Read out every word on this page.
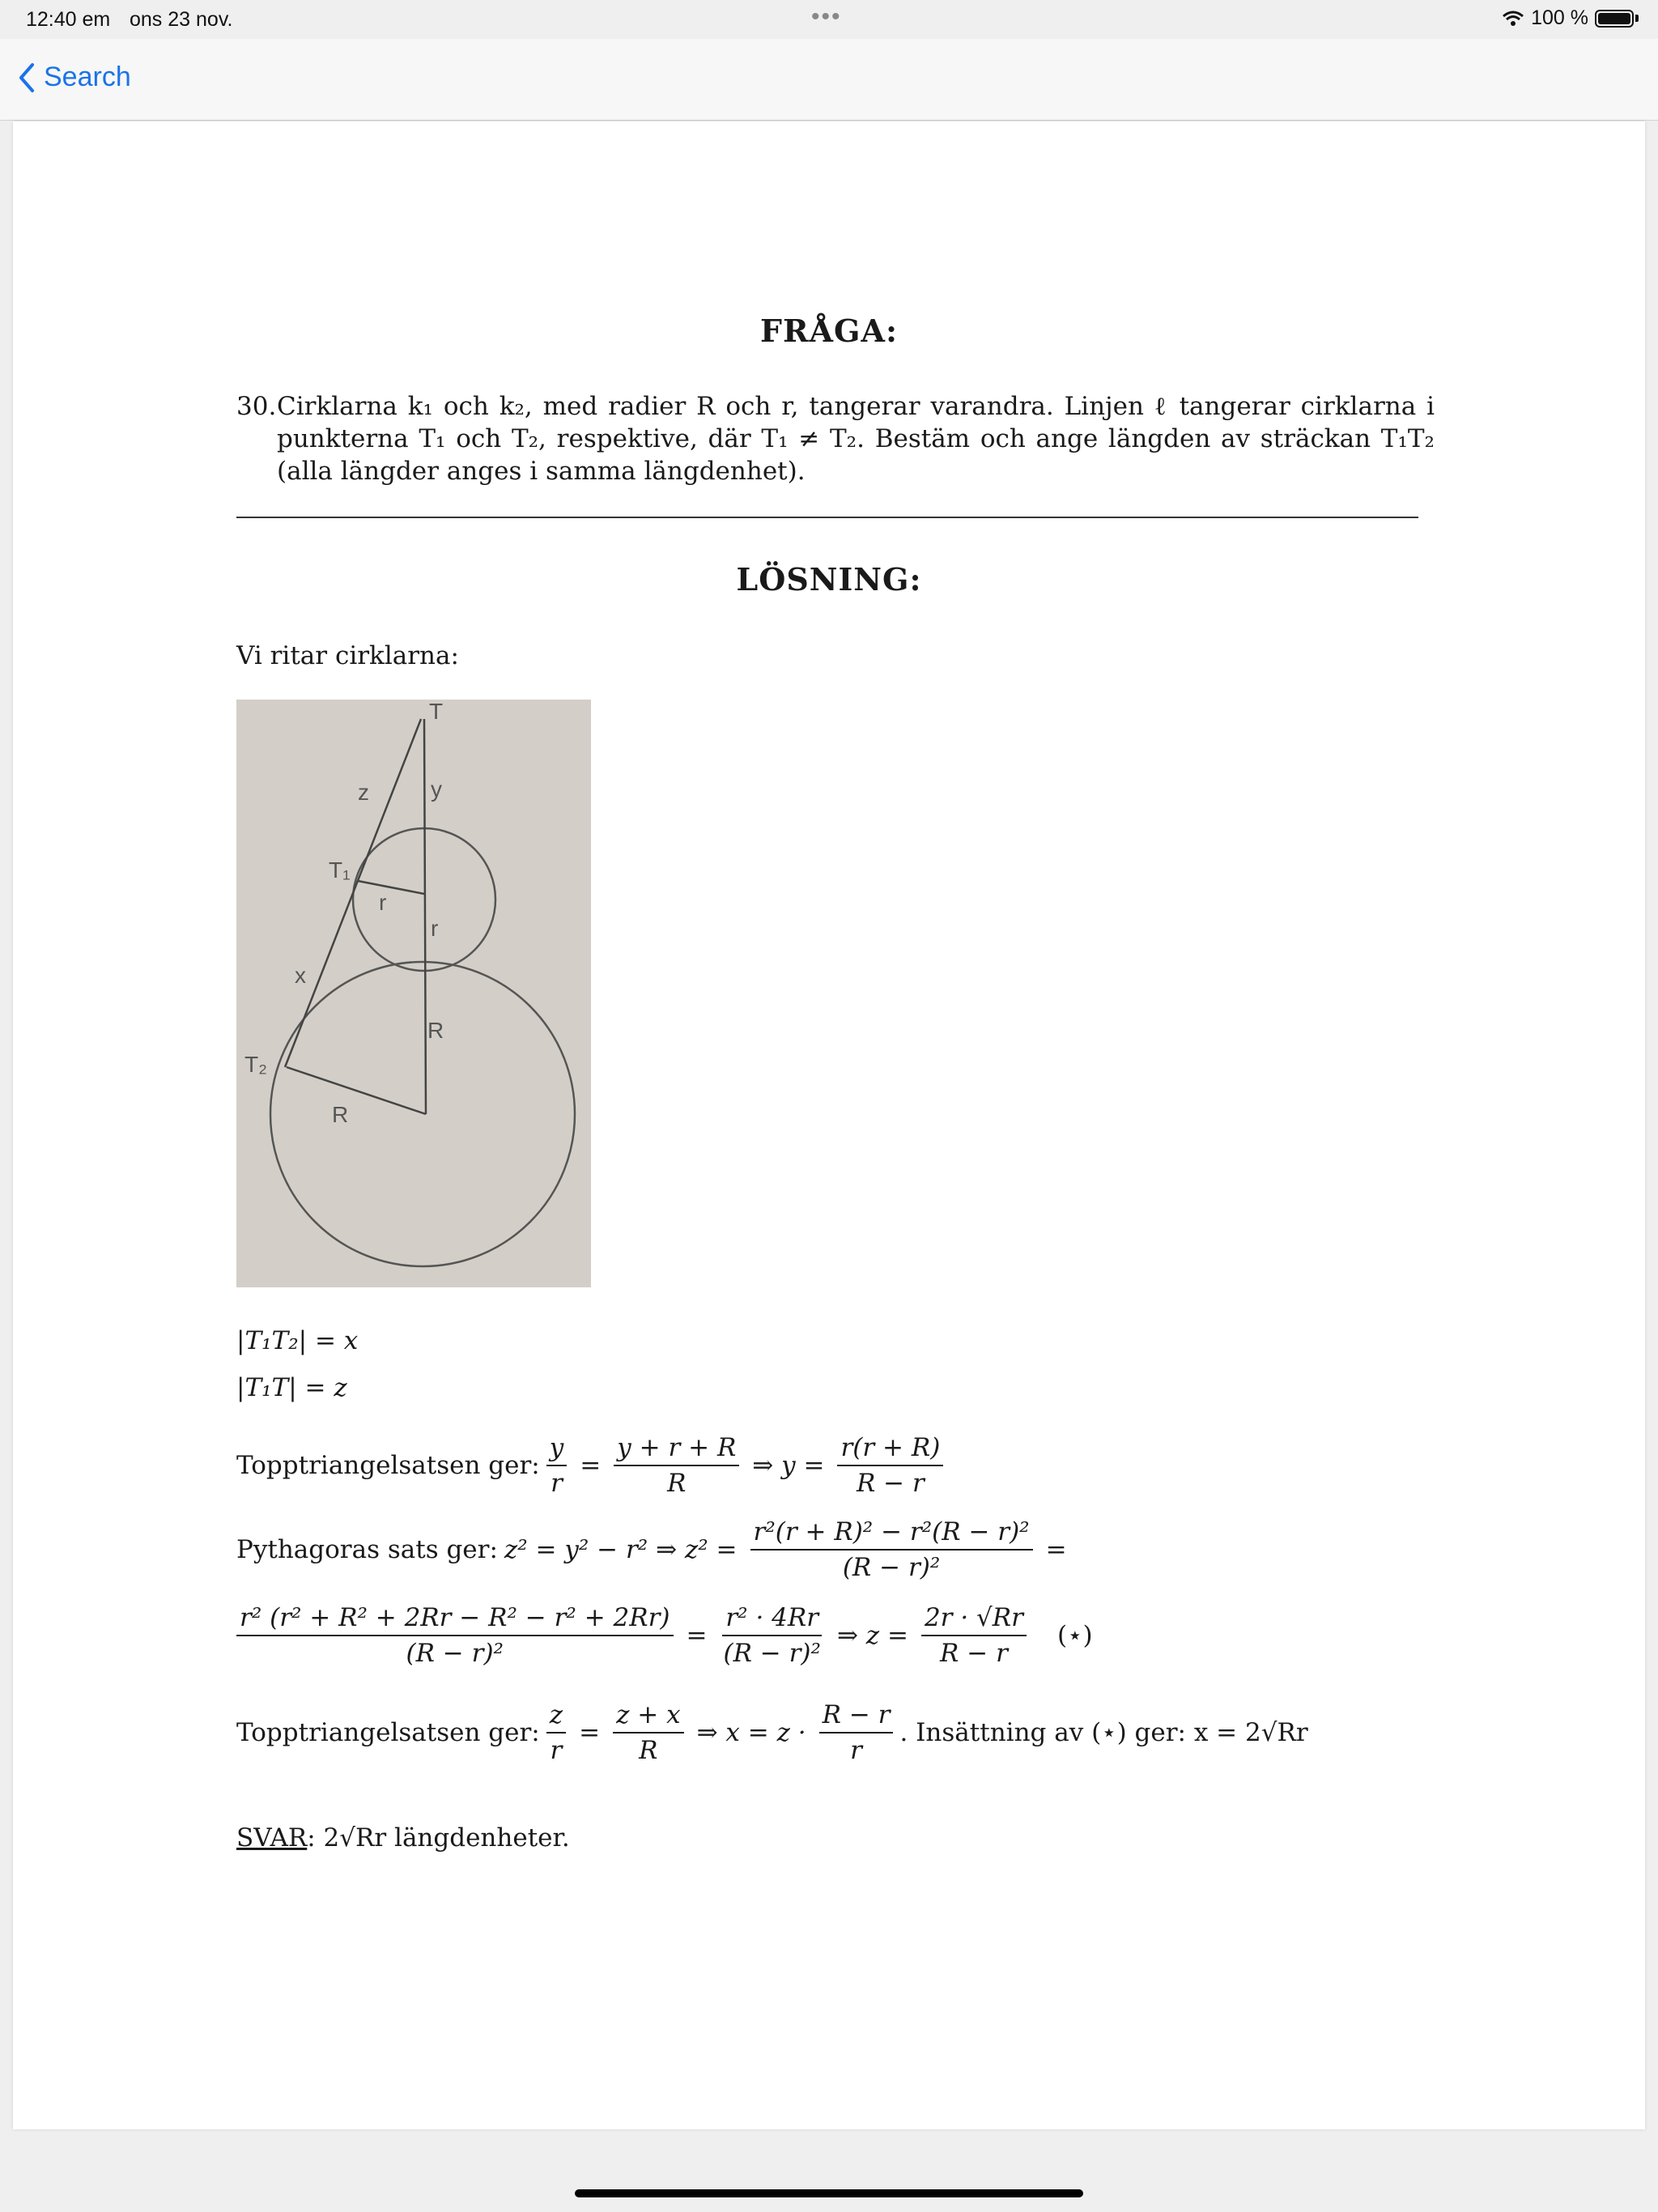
12:40 em ons 23 nov.	•••	100 %
Search
FRÅGA:
30. Cirklarna k₁ och k₂, med radier R och r, tangerar varandra. Linjen ℓ tangerar cirklarna i punkterna T₁ och T₂, respektive, där T₁ ≠ T₂. Bestäm och ange längden av sträckan T₁T₂ (alla längder anges i samma längdenhet).
LÖSNING:
Vi ritar cirklarna:
T
z	y
T₁
r
r
x
R
T₂
R
|T₁T₂| = x
|T₁T| = z
Topptriangelsatsen ger: $\frac{y}{r} = \frac{y + r + R}{R}$ ⇒ $y = \frac{r(r + R)}{R - r}$
Pythagoras sats ger: z² = y² − r² ⇒ $z^2 = \frac{\text{r²(r + R)² − r²(R − r)²}}{\text{(R − r)²}}$ =
$\frac{\text{r² (r² + R² + 2Rr − R² − r² + 2Rr)}}{\text{(R − r)²}} = \frac{\text{r² · 4Rr}}{\text{(R − r)²}}$ ⇒ $z = \frac{2r \cdot √Rr}{R - r}$ (⋆)
Topptriangelsatsen ger: $\frac{z}{r} = \frac{z + x}{R}$ ⇒ $x = z \cdot \frac{R - r}{r}$ . Insättning av (⋆) ger: x = 2√Rr
SVAR : 2√Rr längdenheter.
